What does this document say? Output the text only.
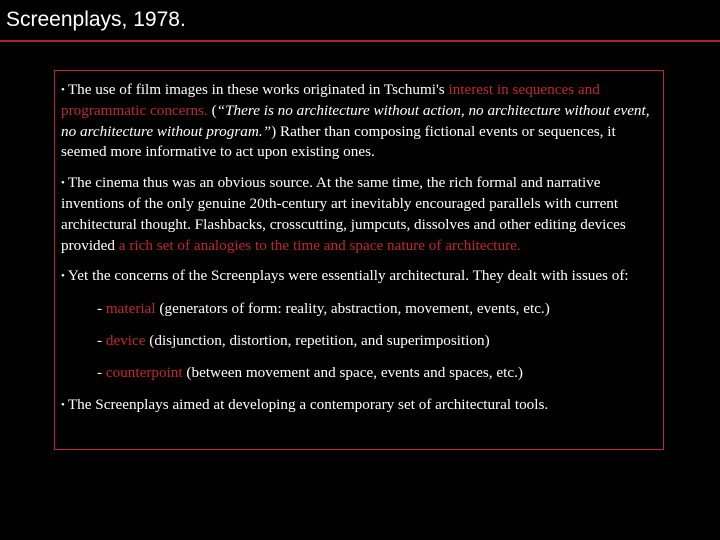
Screenplays, 1978.

• The use of film images in these works originated in Tschumi's interest in sequences and programmatic concerns. (“There is no architecture without action, no architecture without event, no architecture without program.”) Rather than composing fictional events or sequences, it seemed more informative to act upon existing ones.

• The cinema thus was an obvious source. At the same time, the rich formal and narrative inventions of the only genuine 20th-century art inevitably encouraged parallels with current architectural thought. Flashbacks, crosscutting, jumpcuts, dissolves and other editing devices provided a rich set of analogies to the time and space nature of architecture.

• Yet the concerns of the Screenplays were essentially architectural. They dealt with issues of:

- material (generators of form: reality, abstraction, movement, events, etc.)

- device (disjunction, distortion, repetition, and superimposition)

- counterpoint (between movement and space, events and spaces, etc.)

• The Screenplays aimed at developing a contemporary set of architectural tools.
